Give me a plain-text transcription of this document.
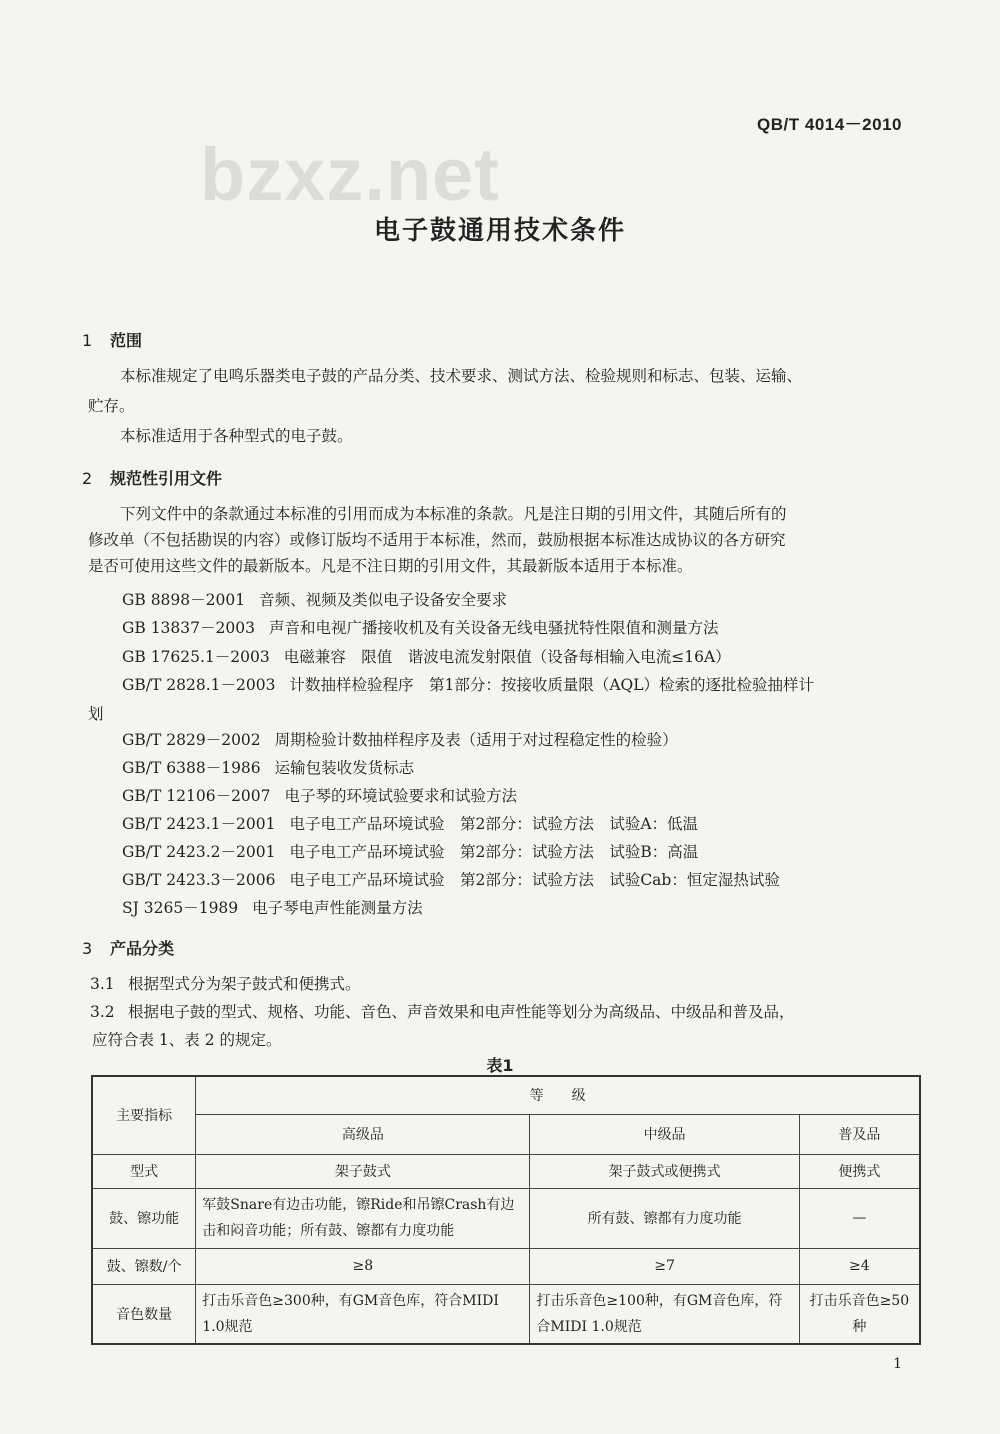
QB/T 4014－2010
bzxz.net
电子鼓通用技术条件
1 范围
本标准规定了电鸣乐器类电子鼓的产品分类、技术要求、测试方法、检验规则和标志、包装、运输、
贮存。
本标准适用于各种型式的电子鼓。
2 规范性引用文件
下列文件中的条款通过本标准的引用而成为本标准的条款。凡是注日期的引用文件，其随后所有的
修改单（不包括勘误的内容）或修订版均不适用于本标准，然而，鼓励根据本标准达成协议的各方研究
是否可使用这些文件的最新版本。凡是不注日期的引用文件，其最新版本适用于本标准。
GB 8898－2001 音频、视频及类似电子设备安全要求
GB 13837－2003 声音和电视广播接收机及有关设备无线电骚扰特性限值和测量方法
GB 17625.1－2003 电磁兼容　限值　谐波电流发射限值（设备每相输入电流≤16A）
GB/T 2828.1－2003 计数抽样检验程序　第1部分：按接收质量限（AQL）检索的逐批检验抽样计
划
GB/T 2829－2002 周期检验计数抽样程序及表（适用于对过程稳定性的检验）
GB/T 6388－1986 运输包装收发货标志
GB/T 12106－2007 电子琴的环境试验要求和试验方法
GB/T 2423.1－2001 电子电工产品环境试验　第2部分：试验方法　试验A：低温
GB/T 2423.2－2001 电子电工产品环境试验　第2部分：试验方法　试验B：高温
GB/T 2423.3－2006 电子电工产品环境试验　第2部分：试验方法　试验Cab：恒定湿热试验
SJ 3265－1989 电子琴电声性能测量方法
3 产品分类
3.1 根据型式分为架子鼓式和便携式。
3.2 根据电子鼓的型式、规格、功能、音色、声音效果和电声性能等划分为高级品、中级品和普及品，
应符合表 1、表 2 的规定。
表1
主要指标	等　　级		
	高级品	中级品	普及品
型式	架子鼓式	架子鼓式或便携式	便携式
鼓、镲功能	军鼓Snare有边击功能，镲Ride和吊镲Crash有边击和闷音功能；所有鼓、镲都有力度功能	所有鼓、镲都有力度功能	—
鼓、镲数/个	≥8	≥7	≥4
音色数量	打击乐音色≥300种，有GM音色库，符合MIDI 1.0规范	打击乐音色≥100种，有GM音色库，符合MIDI 1.0规范	打击乐音色≥50种
1
